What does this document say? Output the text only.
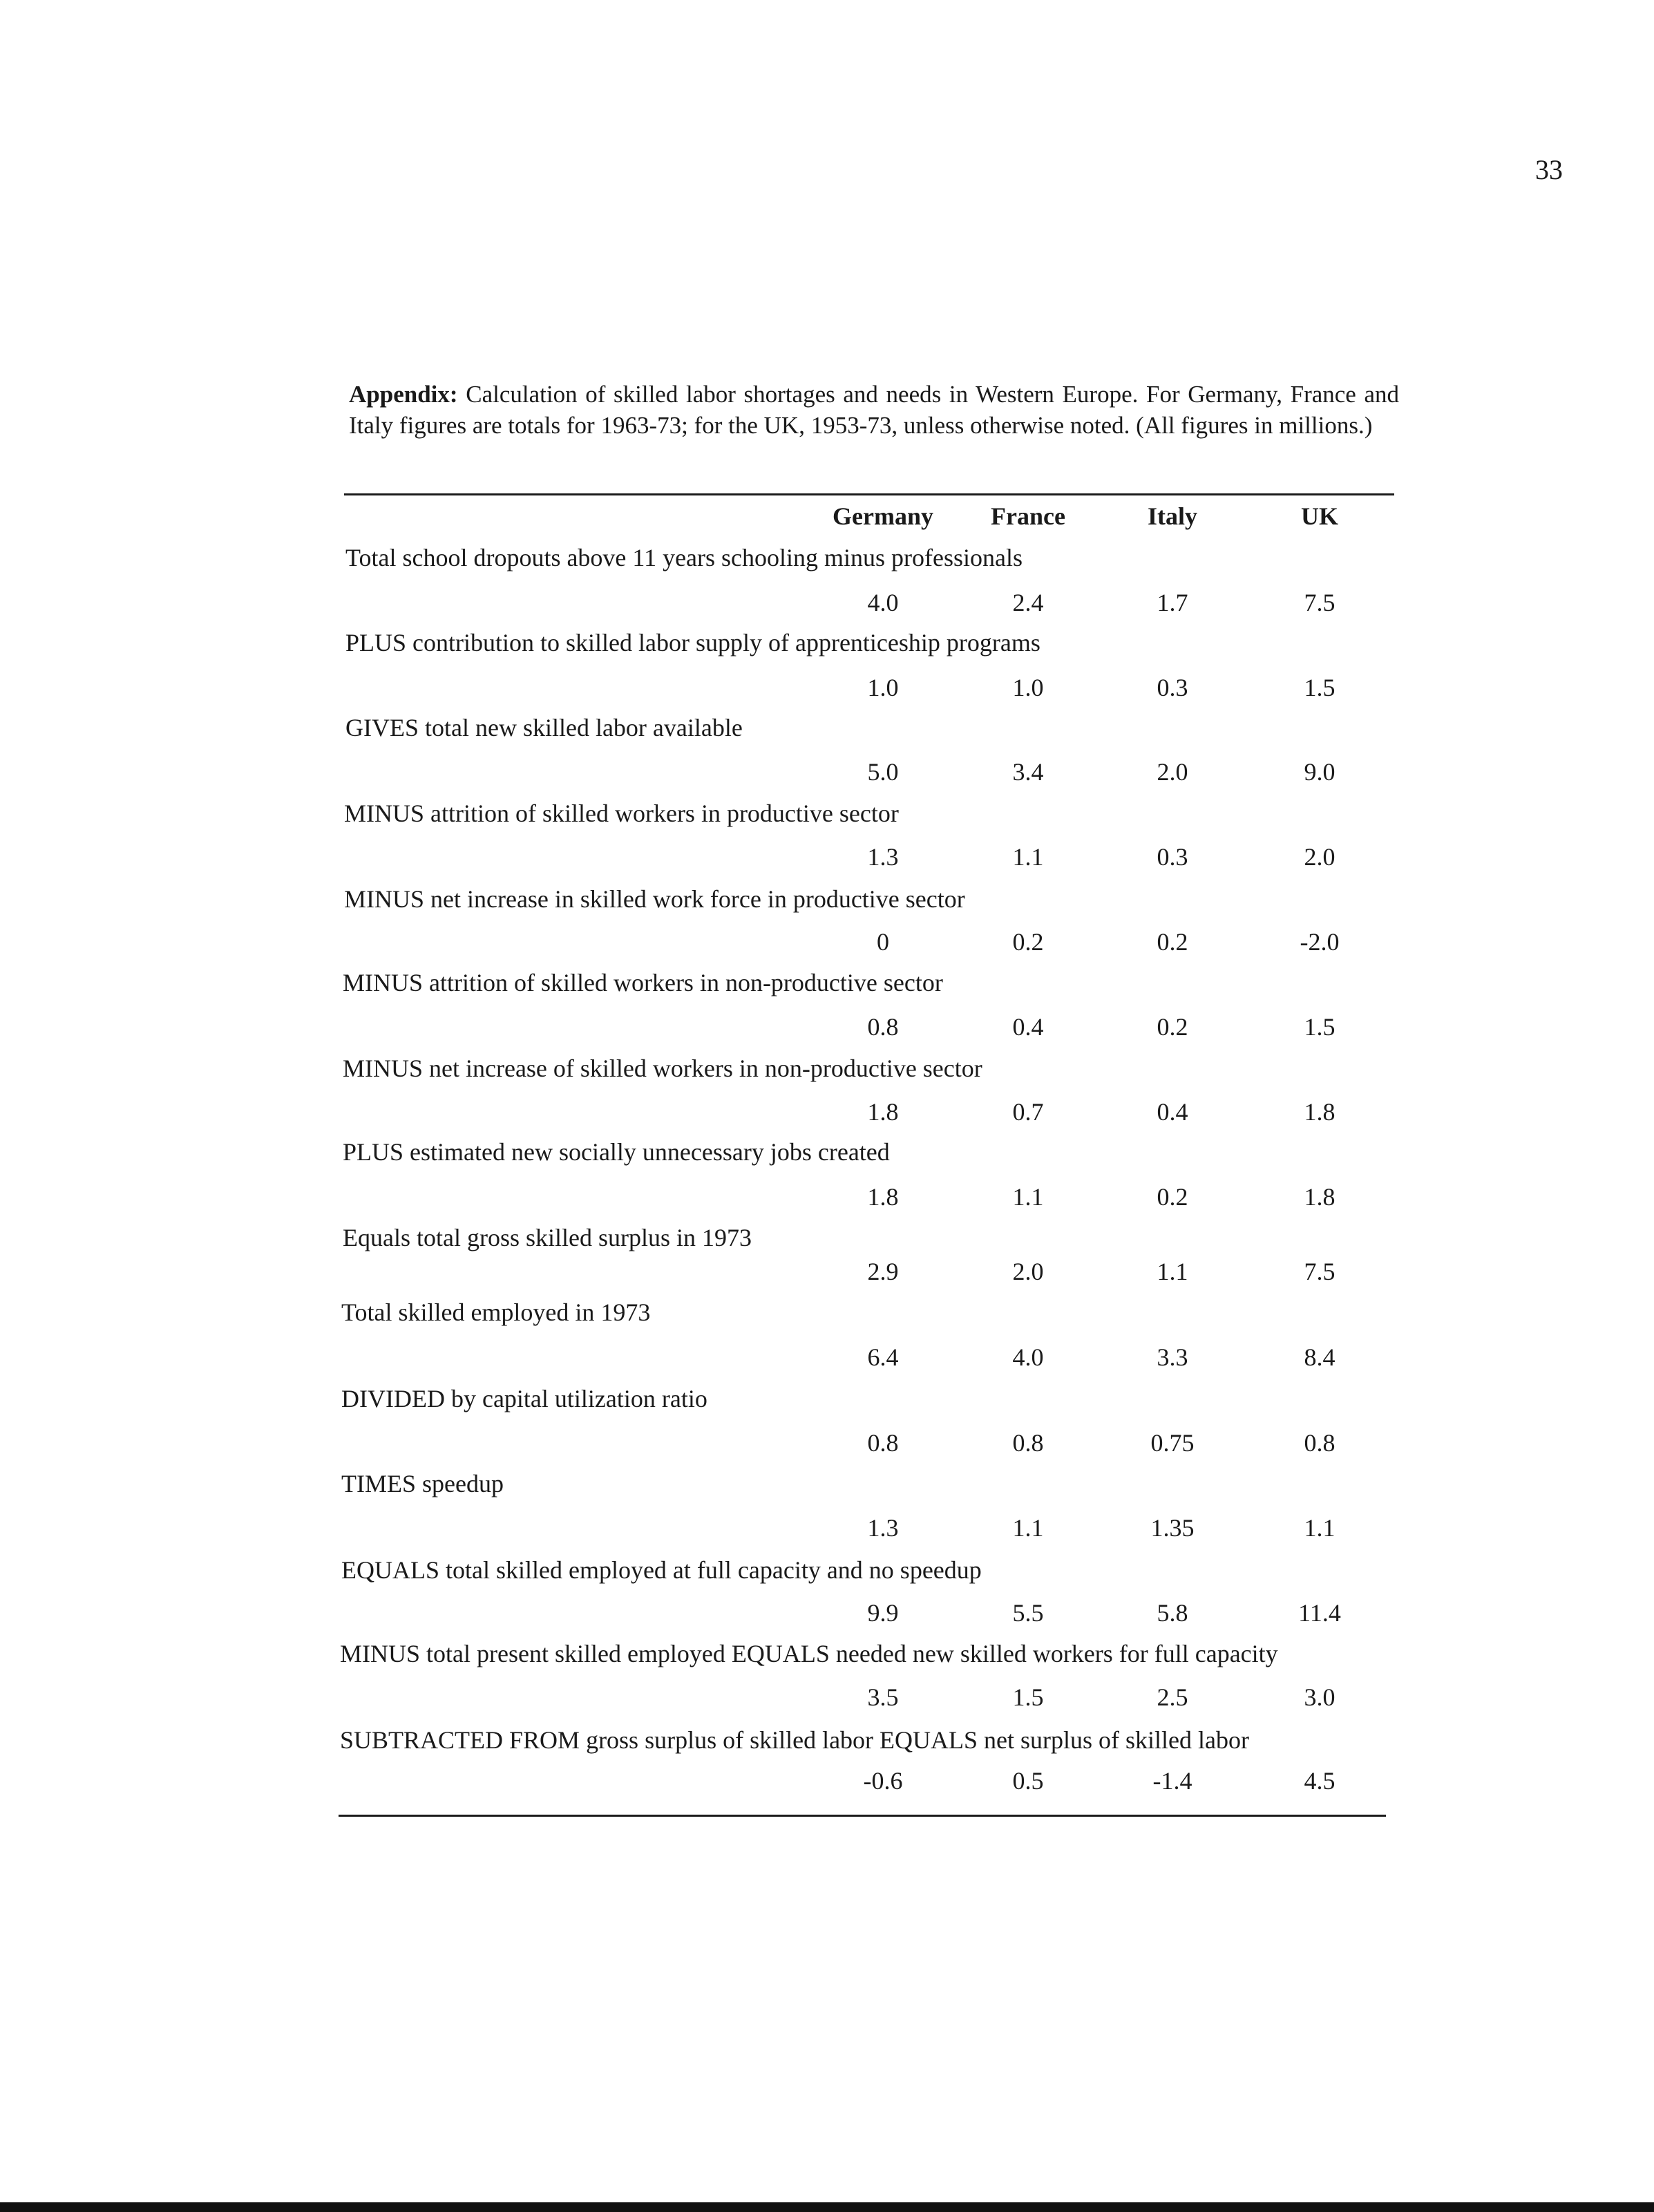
33
Appendix: Calculation of skilled labor shortages and needs in Western Europe. For Germany, France and Italy figures are totals for 1963-73; for the UK, 1953-73, unless otherwise noted. (All figures in millions.)
Germany	France	Italy	UK
Total school dropouts above 11 years schooling minus professionals
4.0	2.4	1.7	7.5
PLUS contribution to skilled labor supply of apprenticeship programs
1.0	1.0	0.3	1.5
GIVES total new skilled labor available
5.0	3.4	2.0	9.0
MINUS attrition of skilled workers in productive sector
1.3	1.1	0.3	2.0
MINUS net increase in skilled work force in productive sector
0	0.2	0.2	-2.0
MINUS attrition of skilled workers in non-productive sector
0.8	0.4	0.2	1.5
MINUS net increase of skilled workers in non-productive sector
1.8	0.7	0.4	1.8
PLUS estimated new socially unnecessary jobs created
1.8	1.1	0.2	1.8
Equals total gross skilled surplus in 1973
2.9	2.0	1.1	7.5
Total skilled employed in 1973
6.4	4.0	3.3	8.4
DIVIDED by capital utilization ratio
0.8	0.8	0.75	0.8
TIMES speedup
1.3	1.1	1.35	1.1
EQUALS total skilled employed at full capacity and no speedup
9.9	5.5	5.8	11.4
MINUS total present skilled employed EQUALS needed new skilled workers for full capacity
3.5	1.5	2.5	3.0
SUBTRACTED FROM gross surplus of skilled labor EQUALS net surplus of skilled labor
-0.6	0.5	-1.4	4.5
